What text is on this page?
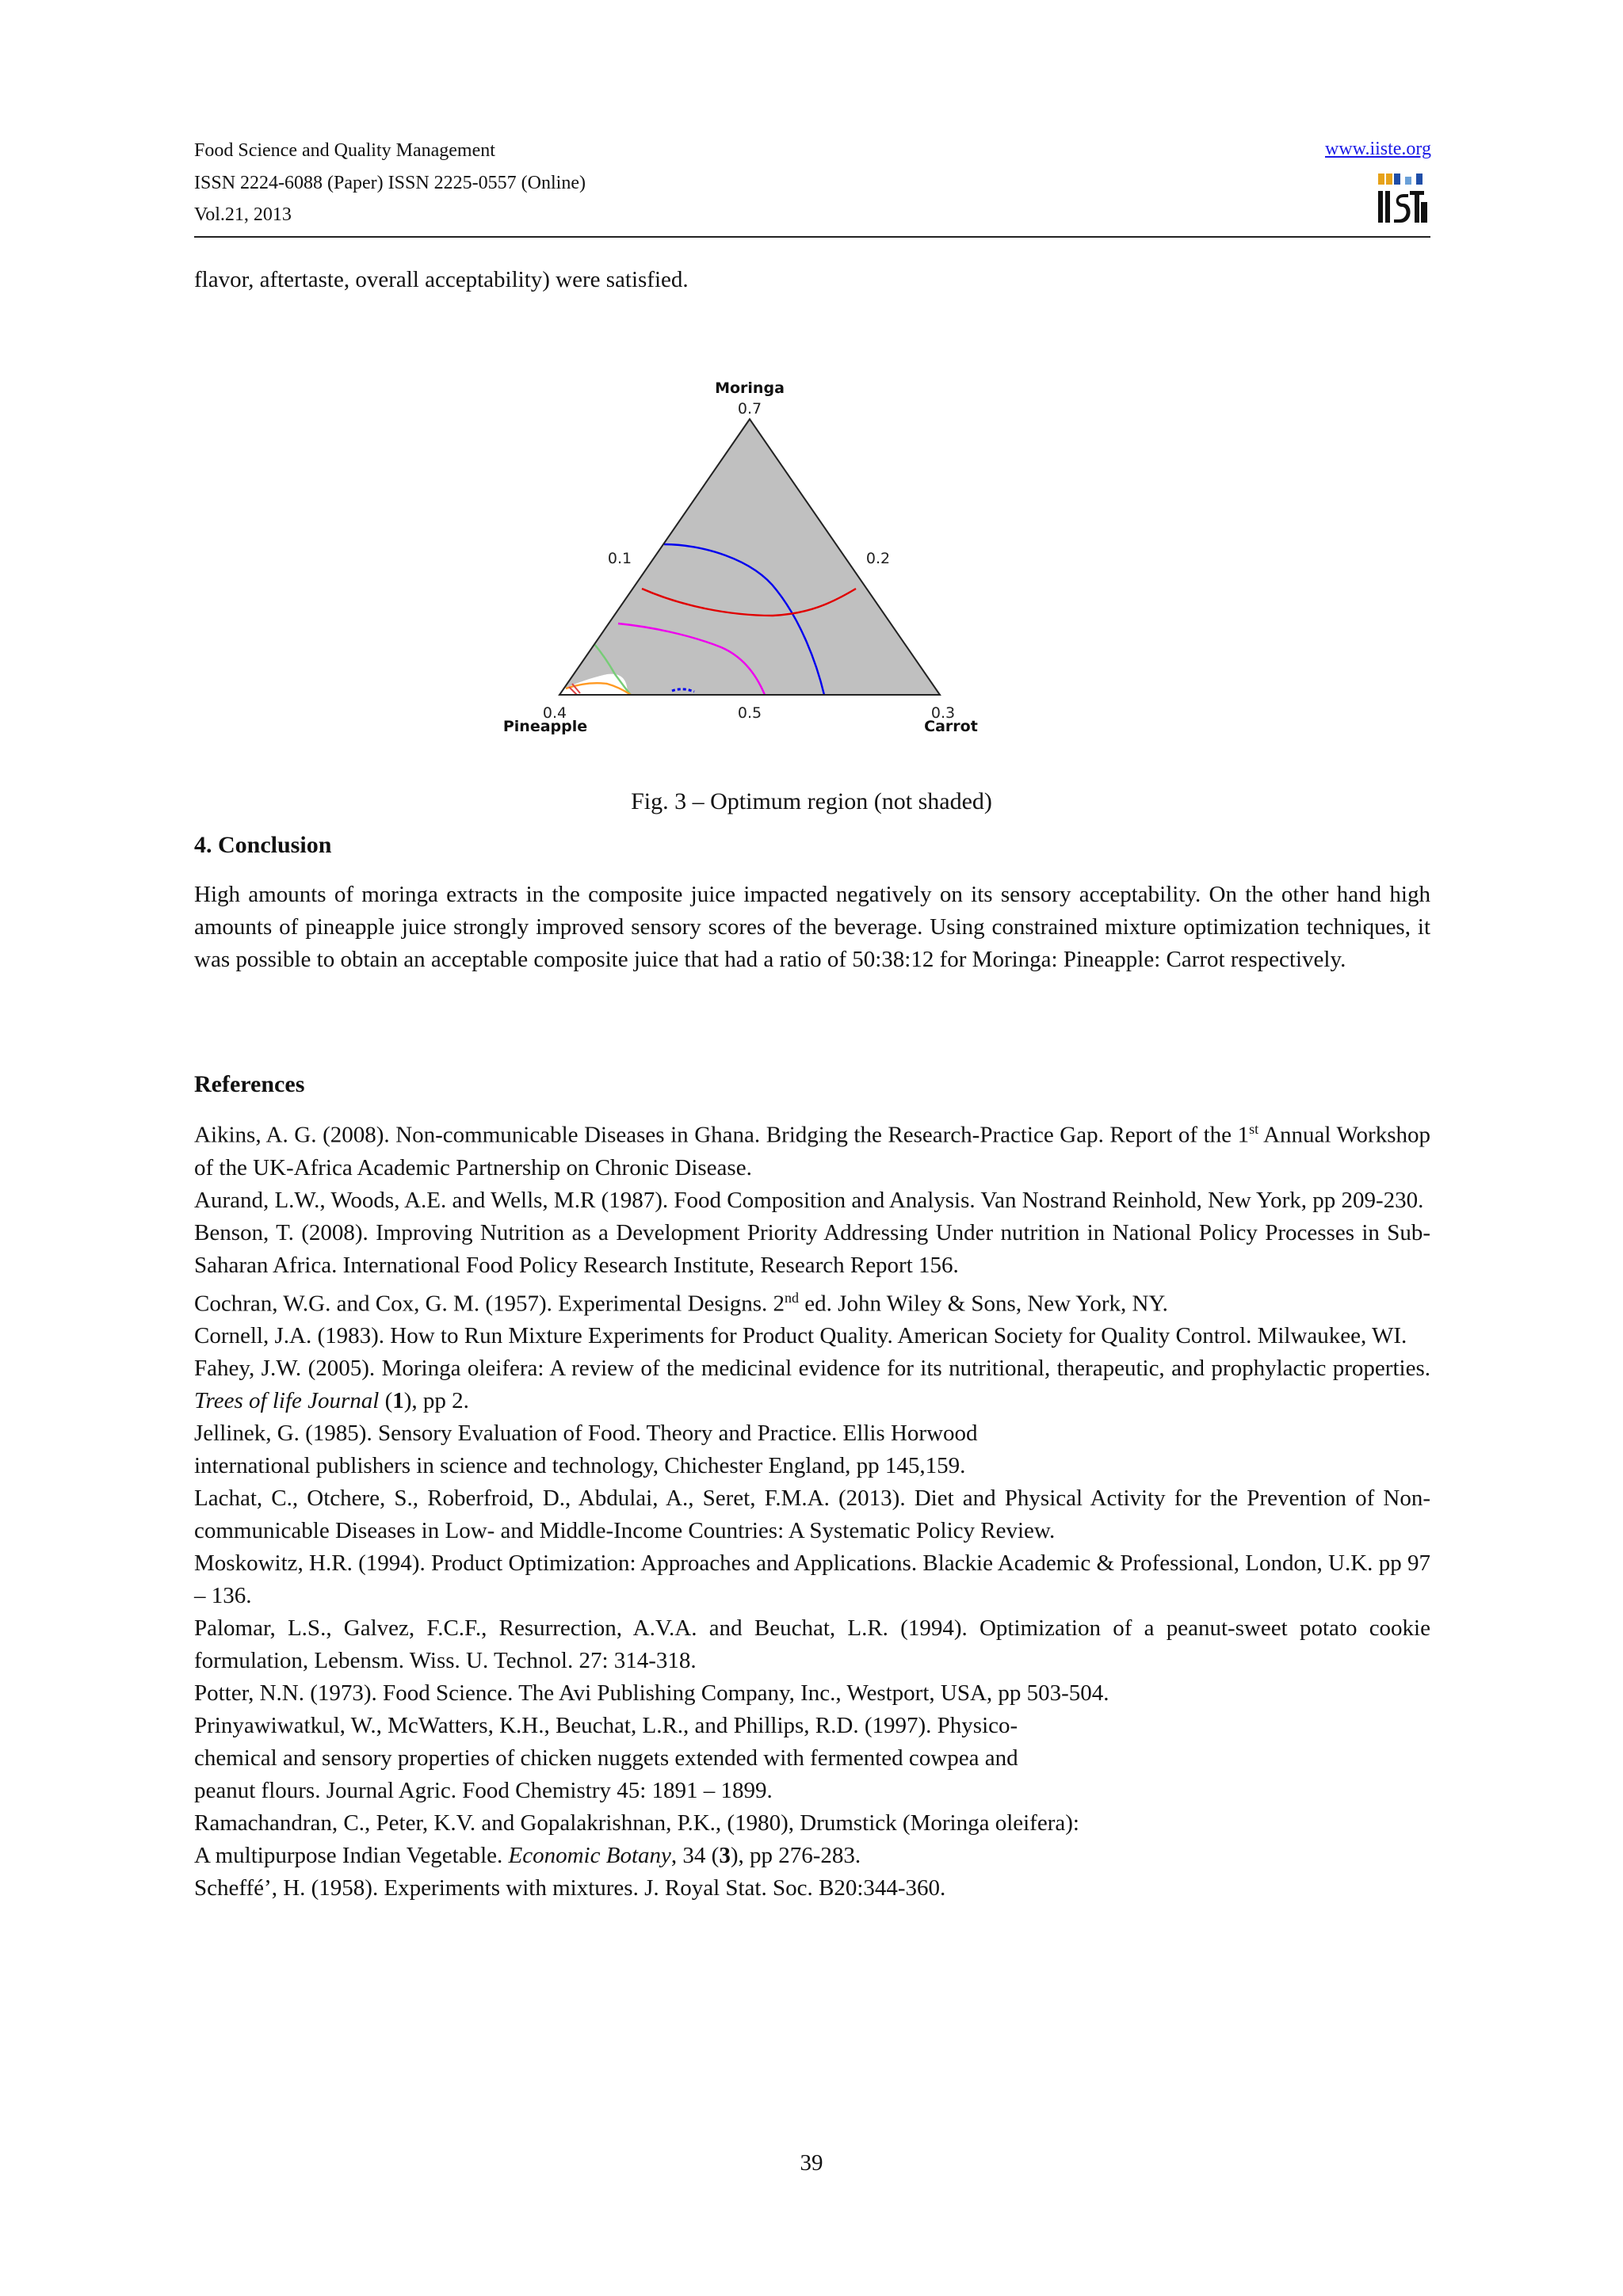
Food Science and Quality Management
ISSN 2224-6088 (Paper) ISSN 2225-0557 (Online)
Vol.21, 2013
www.iiste.org
flavor, aftertaste, overall acceptability) were satisfied.
Moringa
0.7
0.1	0.2
0.5
0.4
Pineapple
0.3
Carrot
Fig. 3 – Optimum region (not shaded)
4. Conclusion
High amounts of moringa extracts in the composite juice impacted negatively on its sensory acceptability. On the other hand high amounts of pineapple juice strongly improved sensory scores of the beverage. Using constrained mixture optimization techniques, it was possible to obtain an acceptable composite juice that had a ratio of 50:38:12 for Moringa: Pineapple: Carrot respectively.
References
Aikins, A. G. (2008). Non-communicable Diseases in Ghana. Bridging the Research-Practice Gap. Report of the 1st Annual Workshop of the UK-Africa Academic Partnership on Chronic Disease.
Aurand, L.W., Woods, A.E. and Wells, M.R (1987). Food Composition and Analysis. Van Nostrand Reinhold, New York, pp 209-230.
Benson, T. (2008). Improving Nutrition as a Development Priority Addressing Under nutrition in National Policy Processes in Sub-Saharan Africa. International Food Policy Research Institute, Research Report 156.
Cochran, W.G. and Cox, G. M. (1957). Experimental Designs. 2nd ed. John Wiley & Sons, New York, NY.
Cornell, J.A. (1983). How to Run Mixture Experiments for Product Quality. American Society for Quality Control. Milwaukee, WI.
Fahey, J.W. (2005). Moringa oleifera: A review of the medicinal evidence for its nutritional, therapeutic, and prophylactic properties. Trees of life Journal (1), pp 2.
Jellinek, G. (1985). Sensory Evaluation of Food. Theory and Practice. Ellis Horwood
international publishers in science and technology, Chichester England, pp 145,159.
Lachat, C., Otchere, S., Roberfroid, D., Abdulai, A., Seret, F.M.A. (2013). Diet and Physical Activity for the Prevention of Non-communicable Diseases in Low- and Middle-Income Countries: A Systematic Policy Review.
Moskowitz, H.R. (1994). Product Optimization: Approaches and Applications. Blackie Academic & Professional, London, U.K. pp 97 – 136.
Palomar, L.S., Galvez, F.C.F., Resurrection, A.V.A. and Beuchat, L.R. (1994). Optimization of a peanut-sweet potato cookie formulation, Lebensm. Wiss. U. Technol. 27: 314-318.
Potter, N.N. (1973). Food Science. The Avi Publishing Company, Inc., Westport, USA, pp 503-504.
Prinyawiwatkul, W., McWatters, K.H., Beuchat, L.R., and Phillips, R.D. (1997). Physico-
chemical and sensory properties of chicken nuggets extended with fermented cowpea and
peanut flours. Journal Agric. Food Chemistry 45: 1891 – 1899.
Ramachandran, C., Peter, K.V. and Gopalakrishnan, P.K., (1980), Drumstick (Moringa oleifera):
A multipurpose Indian Vegetable. Economic Botany, 34 (3), pp 276-283.
Scheffé’, H. (1958). Experiments with mixtures. J. Royal Stat. Soc. B20:344-360.
39
